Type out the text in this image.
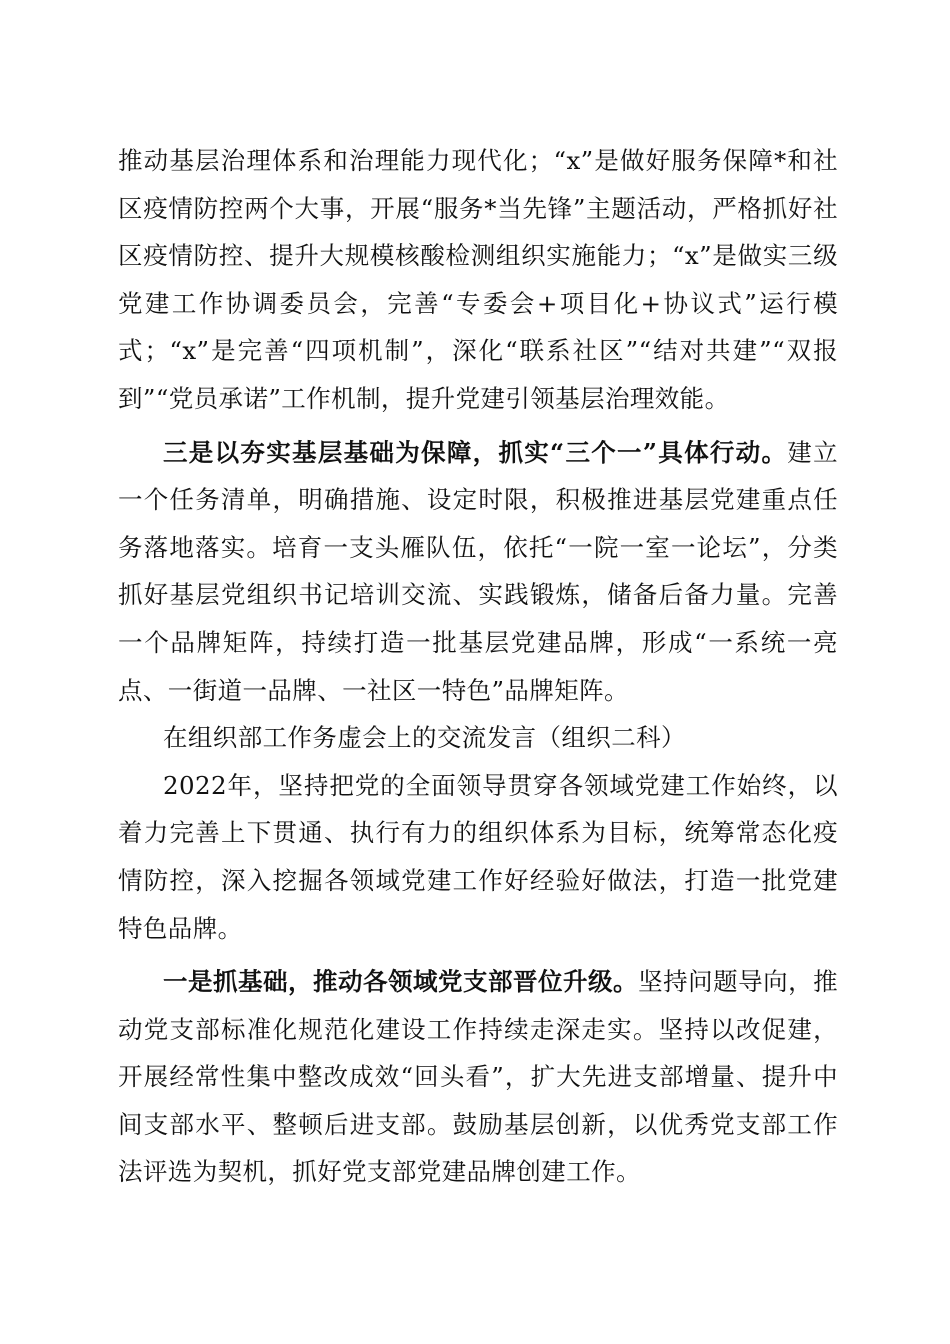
推动基层治理体系和治理能力现代化；“x”是做好服务保障*和社区疫情防控两个大事，开展“服务*当先锋”主题活动，严格抓好社区疫情防控、提升大规模核酸检测组织实施能力；“x”是做实三级党建工作协调委员会，完善“专委会+项目化+协议式”运行模式；“x”是完善“四项机制”，深化“联系社区”“结对共建”“双报到”“党员承诺”工作机制，提升党建引领基层治理效能。

三是以夯实基层基础为保障，抓实“三个一”具体行动。建立一个任务清单，明确措施、设定时限，积极推进基层党建重点任务落地落实。培育一支头雁队伍，依托“一院一室一论坛”，分类抓好基层党组织书记培训交流、实践锻炼，储备后备力量。完善一个品牌矩阵，持续打造一批基层党建品牌，形成“一系统一亮点、一街道一品牌、一社区一特色”品牌矩阵。

在组织部工作务虚会上的交流发言（组织二科）

2022年，坚持把党的全面领导贯穿各领域党建工作始终，以着力完善上下贯通、执行有力的组织体系为目标，统筹常态化疫情防控，深入挖掘各领域党建工作好经验好做法，打造一批党建特色品牌。

一是抓基础，推动各领域党支部晋位升级。坚持问题导向，推动党支部标准化规范化建设工作持续走深走实。坚持以改促建，开展经常性集中整改成效“回头看”，扩大先进支部增量、提升中间支部水平、整顿后进支部。鼓励基层创新，以优秀党支部工作法评选为契机，抓好党支部党建品牌创建工作。
